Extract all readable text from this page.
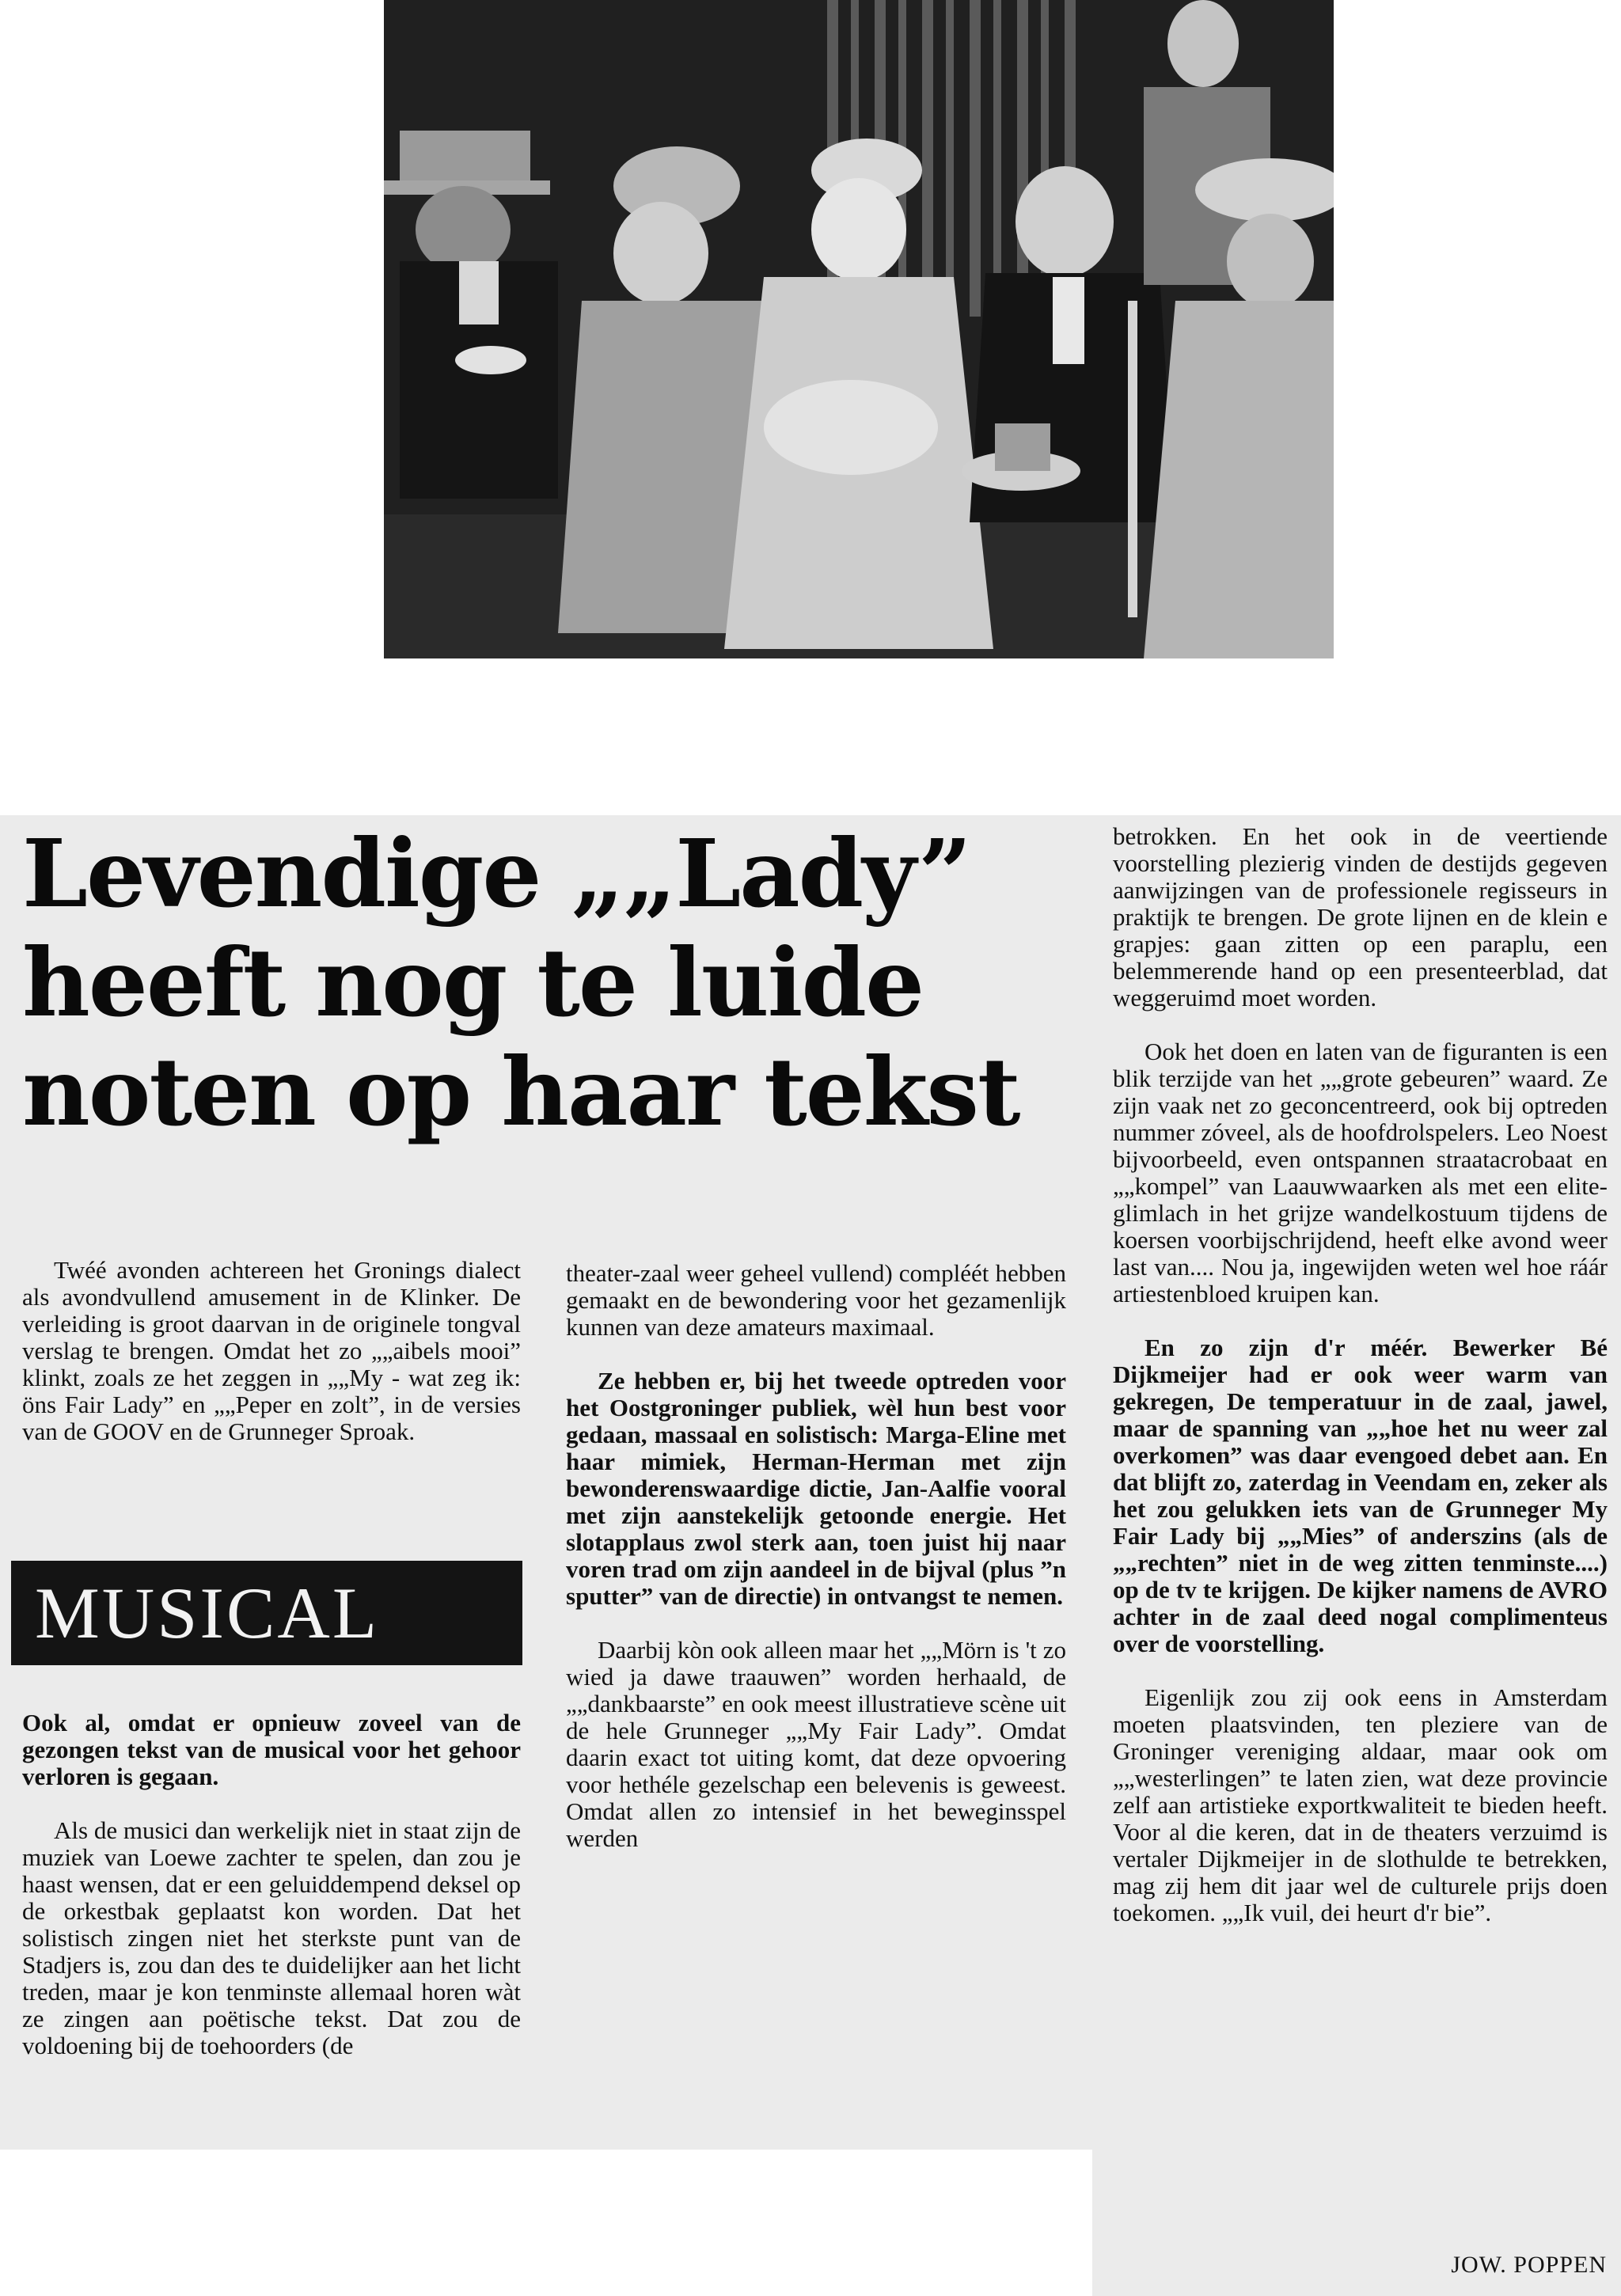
Levendige „„Lady”
heeft nog te luide
noten op haar tekst

Twéé avonden achtereen het Gronings dialect als avondvullend amusement in de Klinker. De verleiding is groot daarvan in de originele tongval verslag te brengen. Omdat het zo „„aibels mooi” klinkt, zoals ze het zeggen in „„My - wat zeg ik: öns Fair Lady” en „„Peper en zolt”, in de versies van de GOOV en de Grunneger Sproak.

MUSICAL

Ook al, omdat er opnieuw zoveel van de gezongen tekst van de musical voor het gehoor verloren is gegaan.

Als de musici dan werkelijk niet in staat zijn de muziek van Loewe zachter te spelen, dan zou je haast wensen, dat er een geluiddempend deksel op de orkestbak geplaatst kon worden. Dat het solistisch zingen niet het sterkste punt van de Stadjers is, zou dan des te duidelijker aan het licht treden, maar je kon tenminste allemaal horen wàt ze zingen aan poëtische tekst. Dat zou de voldoening bij de toehoorders (de

theater-zaal weer geheel vullend) compléét hebben gemaakt en de bewondering voor het gezamenlijk kunnen van deze amateurs maximaal.

Ze hebben er, bij het tweede optreden voor het Oostgroninger publiek, wèl hun best voor gedaan, massaal en solistisch: Marga-Eline met haar mimiek, Herman-Herman met zijn bewonderenswaardige dictie, Jan-Aalfie vooral met zijn aanstekelijk getoonde energie. Het slotapplaus zwol sterk aan, toen juist hij naar voren trad om zijn aandeel in de bijval (plus ”n sputter” van de directie) in ontvangst te nemen.

Daarbij kòn ook alleen maar het „„Mörn is 't zo wied ja dawe traauwen” worden herhaald, de „„dankbaarste” en ook meest illustratieve scène uit de hele Grunneger „„My Fair Lady”. Omdat daarin exact tot uiting komt, dat deze opvoering voor hethéle gezelschap een belevenis is geweest. Omdat allen zo intensief in het beweginsspel werden

betrokken. En het ook in de veertiende voorstelling plezierig vinden de destijds gegeven aanwijzingen van de professionele regisseurs in praktijk te brengen. De grote lijnen en de klein e grapjes: gaan zitten op een paraplu, een belemmerende hand op een presenteerblad, dat weggeruimd moet worden.

Ook het doen en laten van de figuranten is een blik terzijde van het „„grote gebeuren” waard. Ze zijn vaak net zo geconcentreerd, ook bij optreden nummer zóveel, als de hoofdrolspelers. Leo Noest bijvoorbeeld, even ontspannen straatacrobaat en „„kompel” van Laauwwaarken als met een elite-glimlach in het grijze wandelkostuum tijdens de koersen voorbijschrijdend, heeft elke avond weer last van.... Nou ja, ingewijden weten wel hoe ráár artiestenbloed kruipen kan.

En zo zijn d'r méér. Bewerker Bé Dijkmeijer had er ook weer warm van gekregen, De temperatuur in de zaal, jawel, maar de spanning van „„hoe het nu weer zal overkomen” was daar evengoed debet aan. En dat blijft zo, zaterdag in Veendam en, zeker als het zou gelukken iets van de Grunneger My Fair Lady bij „„Mies” of anderszins (als de „„rechten” niet in de weg zitten tenminste....) op de tv te krijgen. De kijker namens de AVRO achter in de zaal deed nogal complimenteus over de voorstelling.

Eigenlijk zou zij ook eens in Amsterdam moeten plaatsvinden, ten pleziere van de Groninger vereniging aldaar, maar ook om „„westerlingen” te laten zien, wat deze provincie zelf aan artistieke exportkwaliteit te bieden heeft. Voor al die keren, dat in de theaters verzuimd is vertaler Dijkmeijer in de slothulde te betrekken, mag zij hem dit jaar wel de culturele prijs doen toekomen. „„Ik vuil, dei heurt d'r bie”.

JOW. POPPEN
